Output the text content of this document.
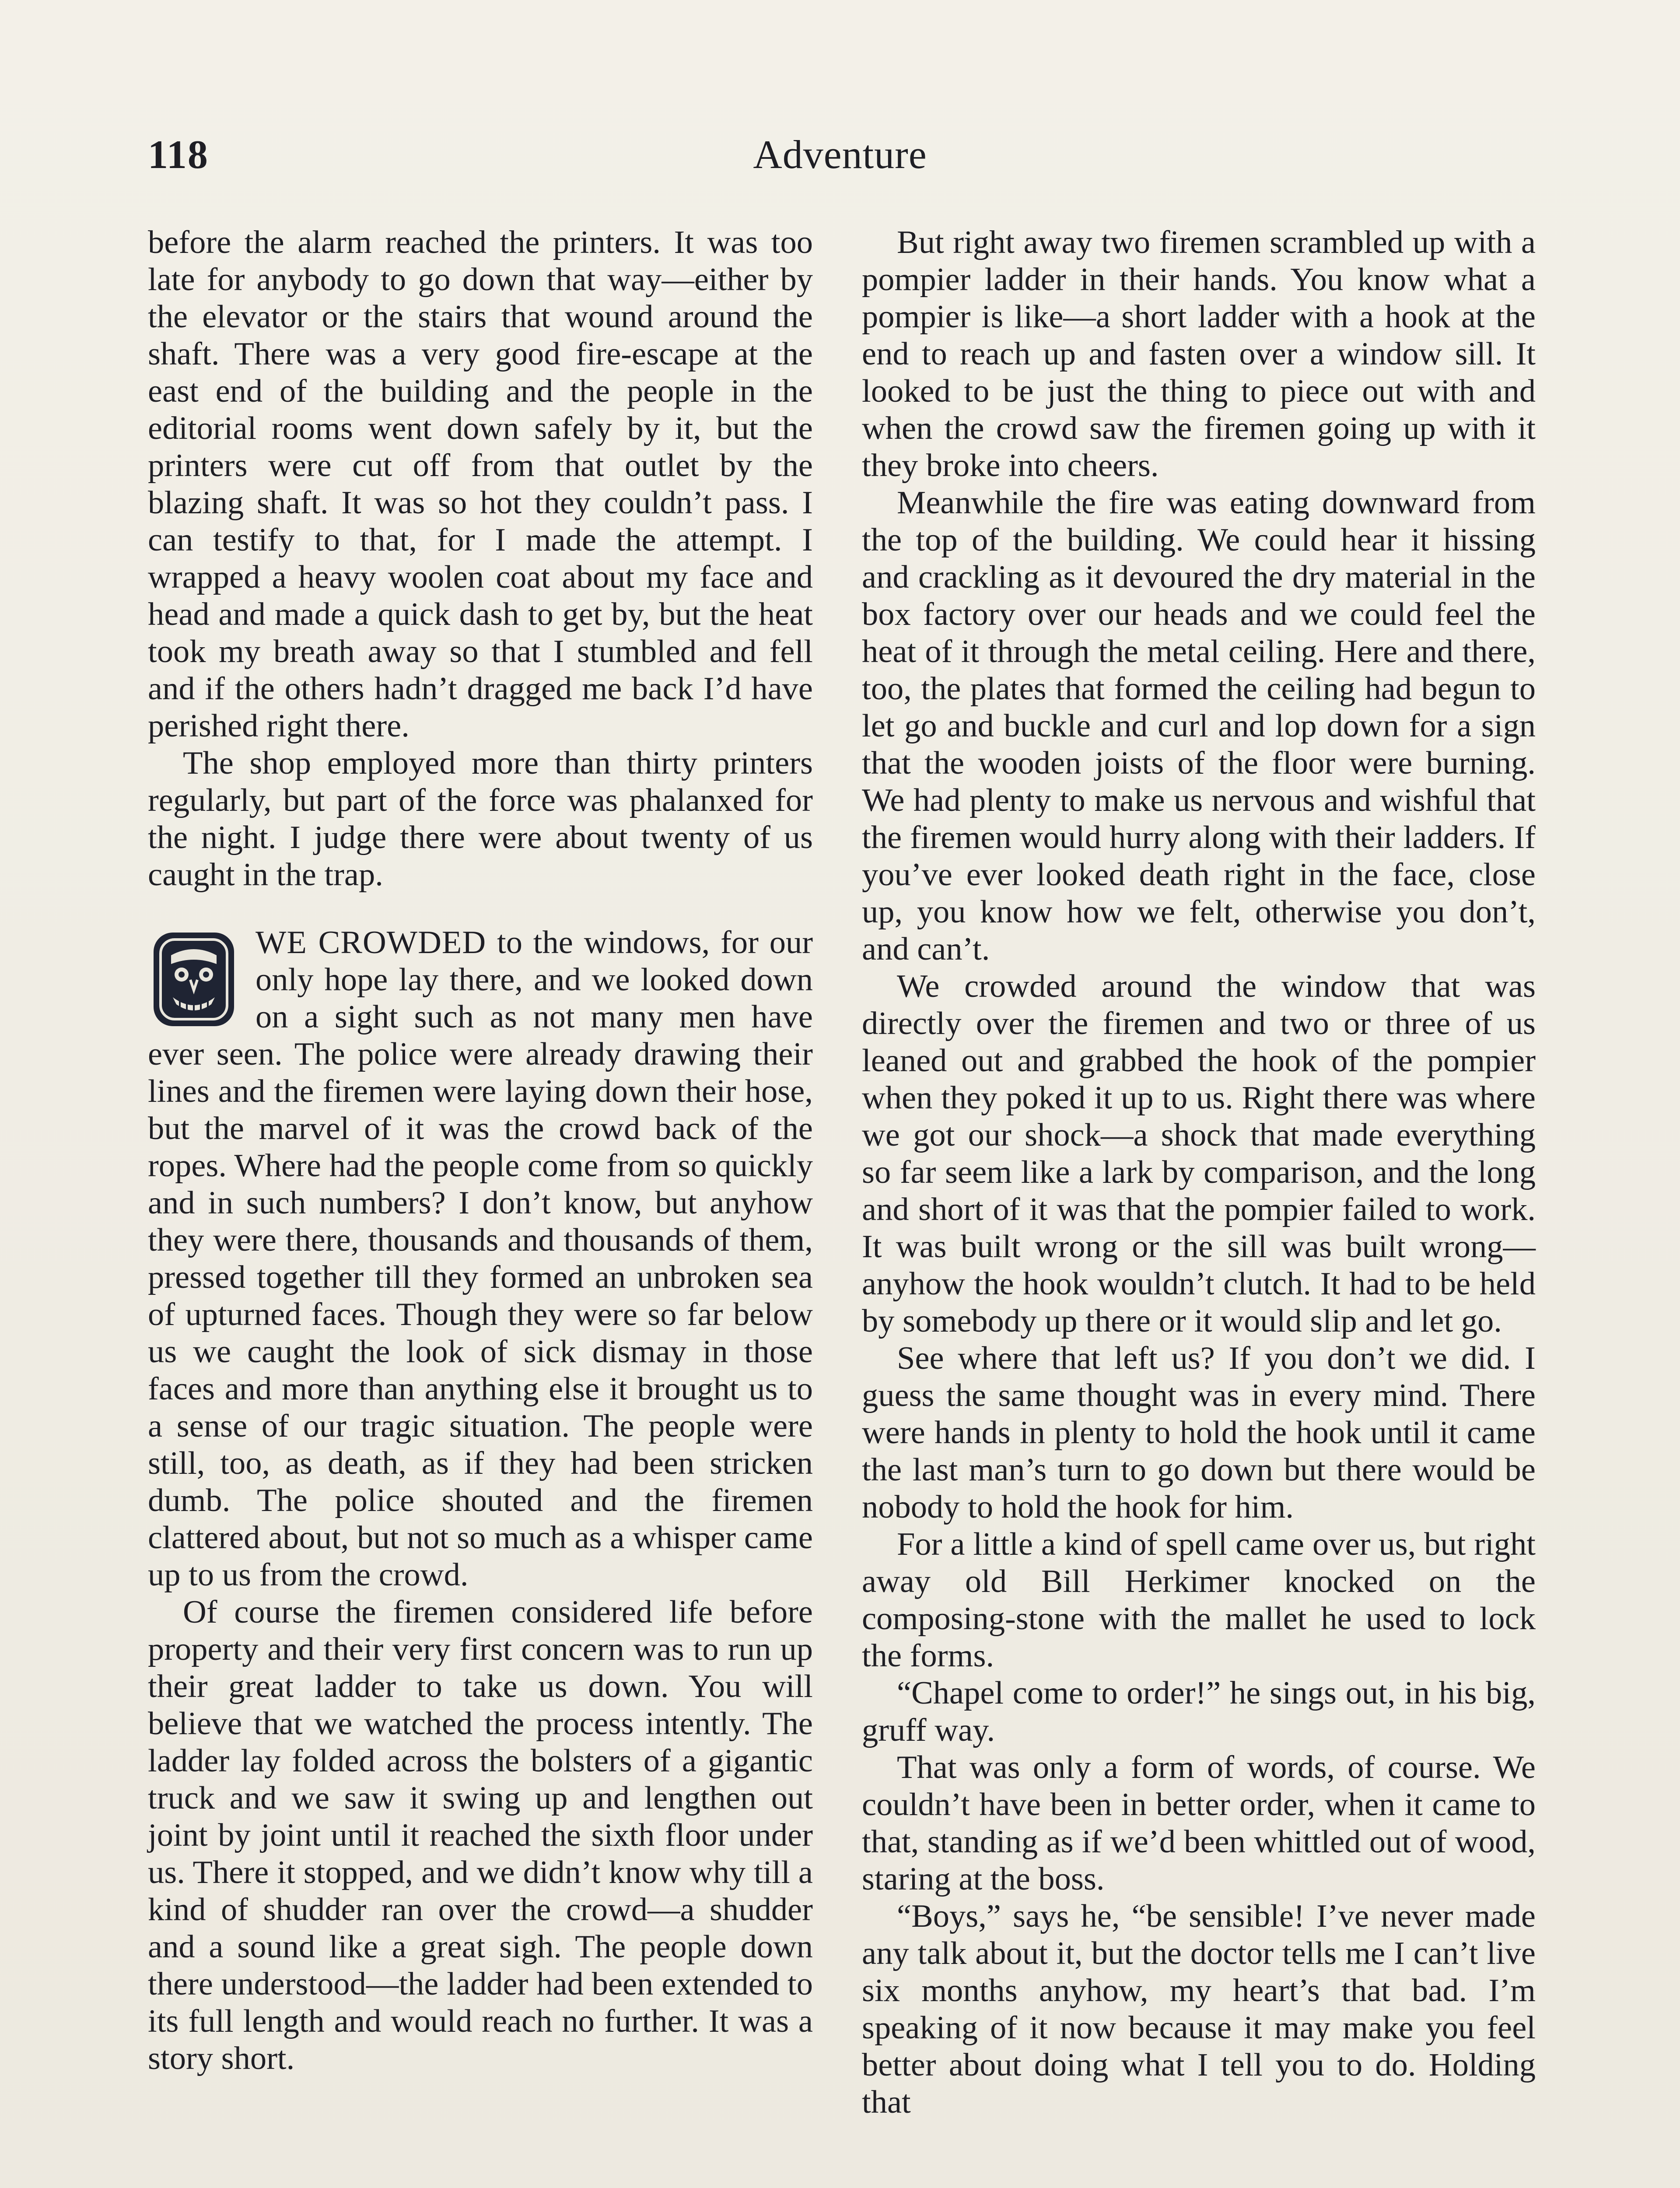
118	Adventure

before the alarm reached the printers. It was too late for anybody to go down that way—either by the elevator or the stairs that wound around the shaft. There was a very good fire-escape at the east end of the building and the people in the editorial rooms went down safely by it, but the printers were cut off from that outlet by the blazing shaft. It was so hot they couldn’t pass. I can testify to that, for I made the attempt. I wrapped a heavy woolen coat about my face and head and made a quick dash to get by, but the heat took my breath away so that I stumbled and fell and if the others hadn’t dragged me back I’d have perished right there.

The shop employed more than thirty printers regularly, but part of the force was phalanxed for the night. I judge there were about twenty of us caught in the trap.

WE CROWDED to the windows, for our only hope lay there, and we looked down on a sight such as not many men have ever seen. The police were already drawing their lines and the firemen were laying down their hose, but the marvel of it was the crowd back of the ropes. Where had the people come from so quickly and in such numbers? I don’t know, but anyhow they were there, thousands and thousands of them, pressed together till they formed an unbroken sea of upturned faces. Though they were so far below us we caught the look of sick dismay in those faces and more than anything else it brought us to a sense of our tragic situation. The people were still, too, as death, as if they had been stricken dumb. The police shouted and the firemen clattered about, but not so much as a whisper came up to us from the crowd.

Of course the firemen considered life before property and their very first concern was to run up their great ladder to take us down. You will believe that we watched the process intently. The ladder lay folded across the bolsters of a gigantic truck and we saw it swing up and lengthen out joint by joint until it reached the sixth floor under us. There it stopped, and we didn’t know why till a kind of shudder ran over the crowd—a shudder and a sound like a great sigh. The people down there understood—the ladder had been extended to its full length and would reach no further. It was a story short.

But right away two firemen scrambled up with a pompier ladder in their hands. You know what a pompier is like—a short ladder with a hook at the end to reach up and fasten over a window sill. It looked to be just the thing to piece out with and when the crowd saw the firemen going up with it they broke into cheers.

Meanwhile the fire was eating downward from the top of the building. We could hear it hissing and crackling as it devoured the dry material in the box factory over our heads and we could feel the heat of it through the metal ceiling. Here and there, too, the plates that formed the ceiling had begun to let go and buckle and curl and lop down for a sign that the wooden joists of the floor were burning. We had plenty to make us nervous and wishful that the firemen would hurry along with their ladders. If you’ve ever looked death right in the face, close up, you know how we felt, otherwise you don’t, and can’t.

We crowded around the window that was directly over the firemen and two or three of us leaned out and grabbed the hook of the pompier when they poked it up to us. Right there was where we got our shock—a shock that made everything so far seem like a lark by comparison, and the long and short of it was that the pompier failed to work. It was built wrong or the sill was built wrong—anyhow the hook wouldn’t clutch. It had to be held by somebody up there or it would slip and let go.

See where that left us? If you don’t we did. I guess the same thought was in every mind. There were hands in plenty to hold the hook until it came the last man’s turn to go down but there would be nobody to hold the hook for him.

For a little a kind of spell came over us, but right away old Bill Herkimer knocked on the composing-stone with the mallet he used to lock the forms.

“Chapel come to order!” he sings out, in his big, gruff way.

That was only a form of words, of course. We couldn’t have been in better order, when it came to that, standing as if we’d been whittled out of wood, staring at the boss.

“Boys,” says he, “be sensible! I’ve never made any talk about it, but the doctor tells me I can’t live six months anyhow, my heart’s that bad. I’m speaking of it now because it may make you feel better about doing what I tell you to do. Holding that
